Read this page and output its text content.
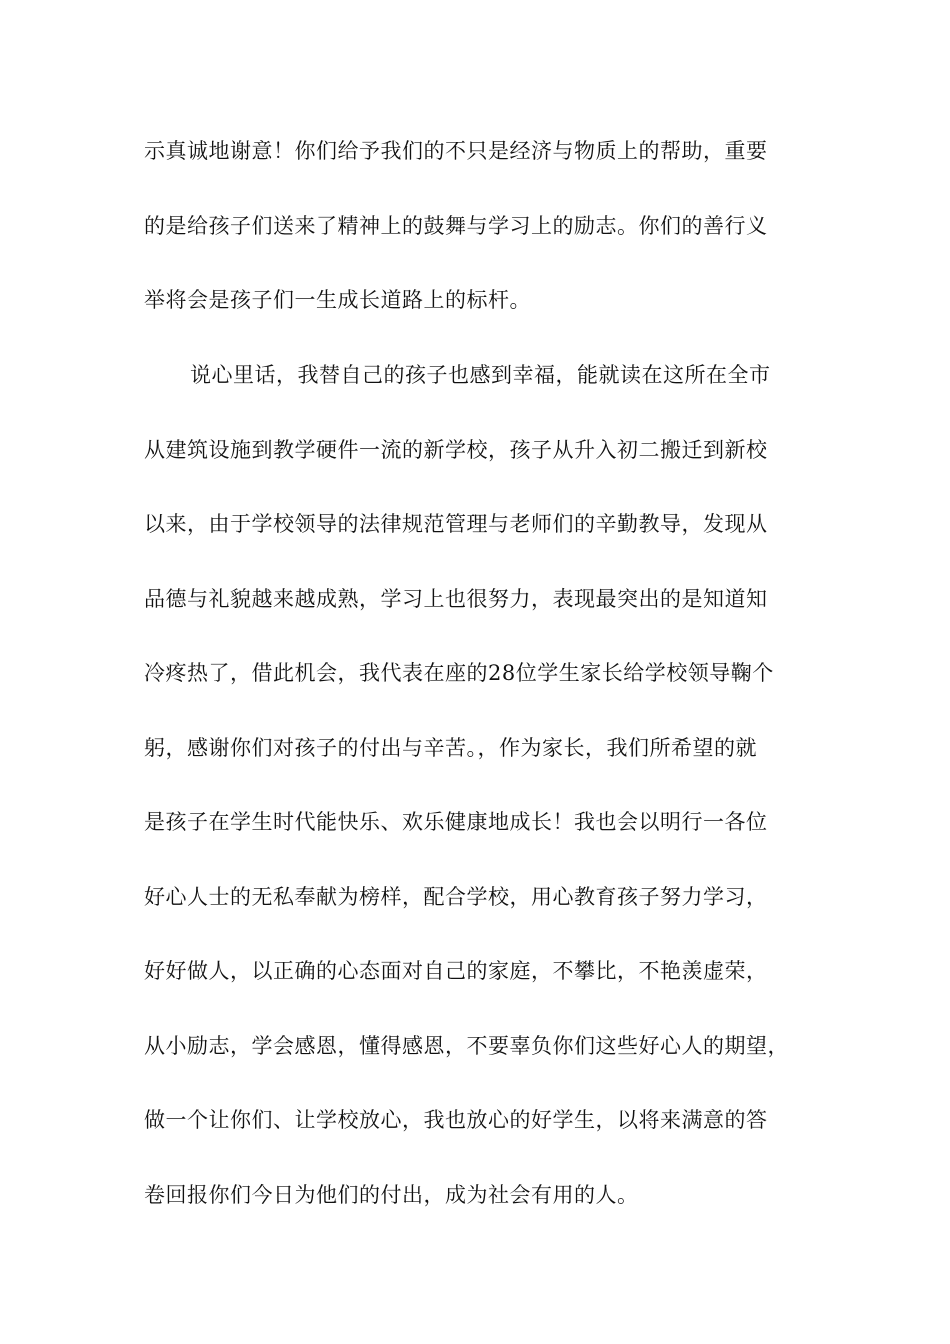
示真诚地谢意！你们给予我们的不只是经济与物质上的帮助，重要
的是给孩子们送来了精神上的鼓舞与学习上的励志。你们的善行义
举将会是孩子们一生成长道路上的标杆。
说心里话，我替自己的孩子也感到幸福，能就读在这所在全市
从建筑设施到教学硬件一流的新学校，孩子从升入初二搬迁到新校
以来，由于学校领导的法律规范管理与老师们的辛勤教导，发现从
品德与礼貌越来越成熟，学习上也很努力，表现最突出的是知道知
冷疼热了，借此机会，我代表在座的28位学生家长给学校领导鞠个
躬，感谢你们对孩子的付出与辛苦。，作为家长，我们所希望的就
是孩子在学生时代能快乐、欢乐健康地成长！我也会以明行一各位
好心人士的无私奉献为榜样，配合学校，用心教育孩子努力学习，
好好做人，以正确的心态面对自己的家庭，不攀比，不艳羡虚荣，
从小励志，学会感恩，懂得感恩，不要辜负你们这些好心人的期望，
做一个让你们、让学校放心，我也放心的好学生，以将来满意的答
卷回报你们今日为他们的付出，成为社会有用的人。
